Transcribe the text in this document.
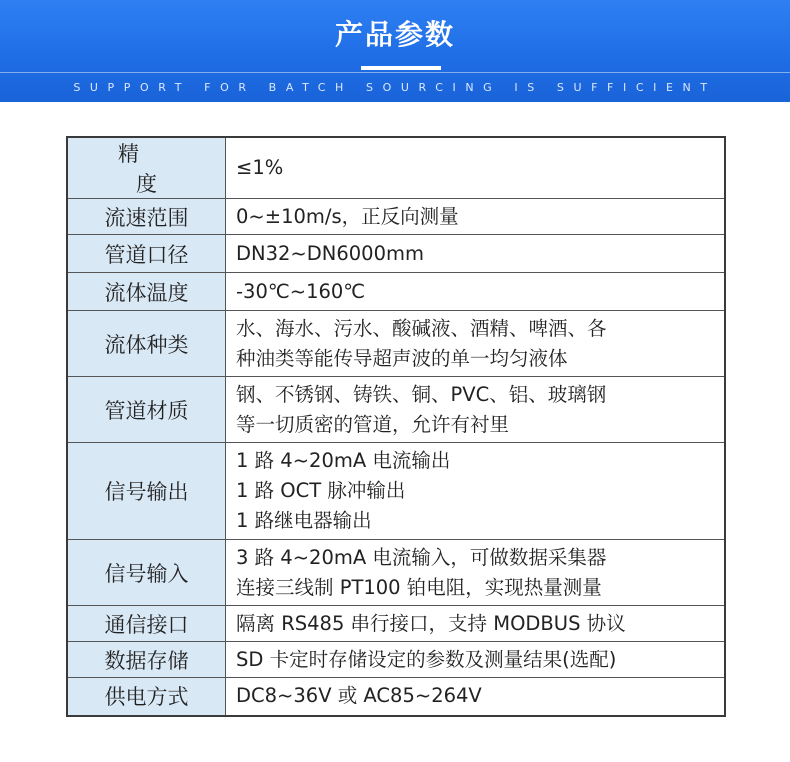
产品参数
SUPPORT FOR BATCH SOURCING IS SUFFICIENT
精　度	≤1%

流速范围	0~±10m/s，正反向测量

管道口径	DN32~DN6000mm

流体温度	-30℃~160℃

流体种类	水、海水、污水、酸碱液、酒精、啤酒、各
种油类等能传导超声波的单一均匀液体

管道材质	钢、不锈钢、铸铁、铜、PVC、铝、玻璃钢
等一切质密的管道，允许有衬里

信号输出	1 路 4~20mA 电流输出
1 路 OCT 脉冲输出
1 路继电器输出

信号输入	3 路 4~20mA 电流输入，可做数据采集器
连接三线制 PT100 铂电阻，实现热量测量

通信接口	隔离 RS485 串行接口，支持 MODBUS 协议

数据存储	SD 卡定时存储设定的参数及测量结果(选配)

供电方式	DC8~36V 或 AC85~264V
